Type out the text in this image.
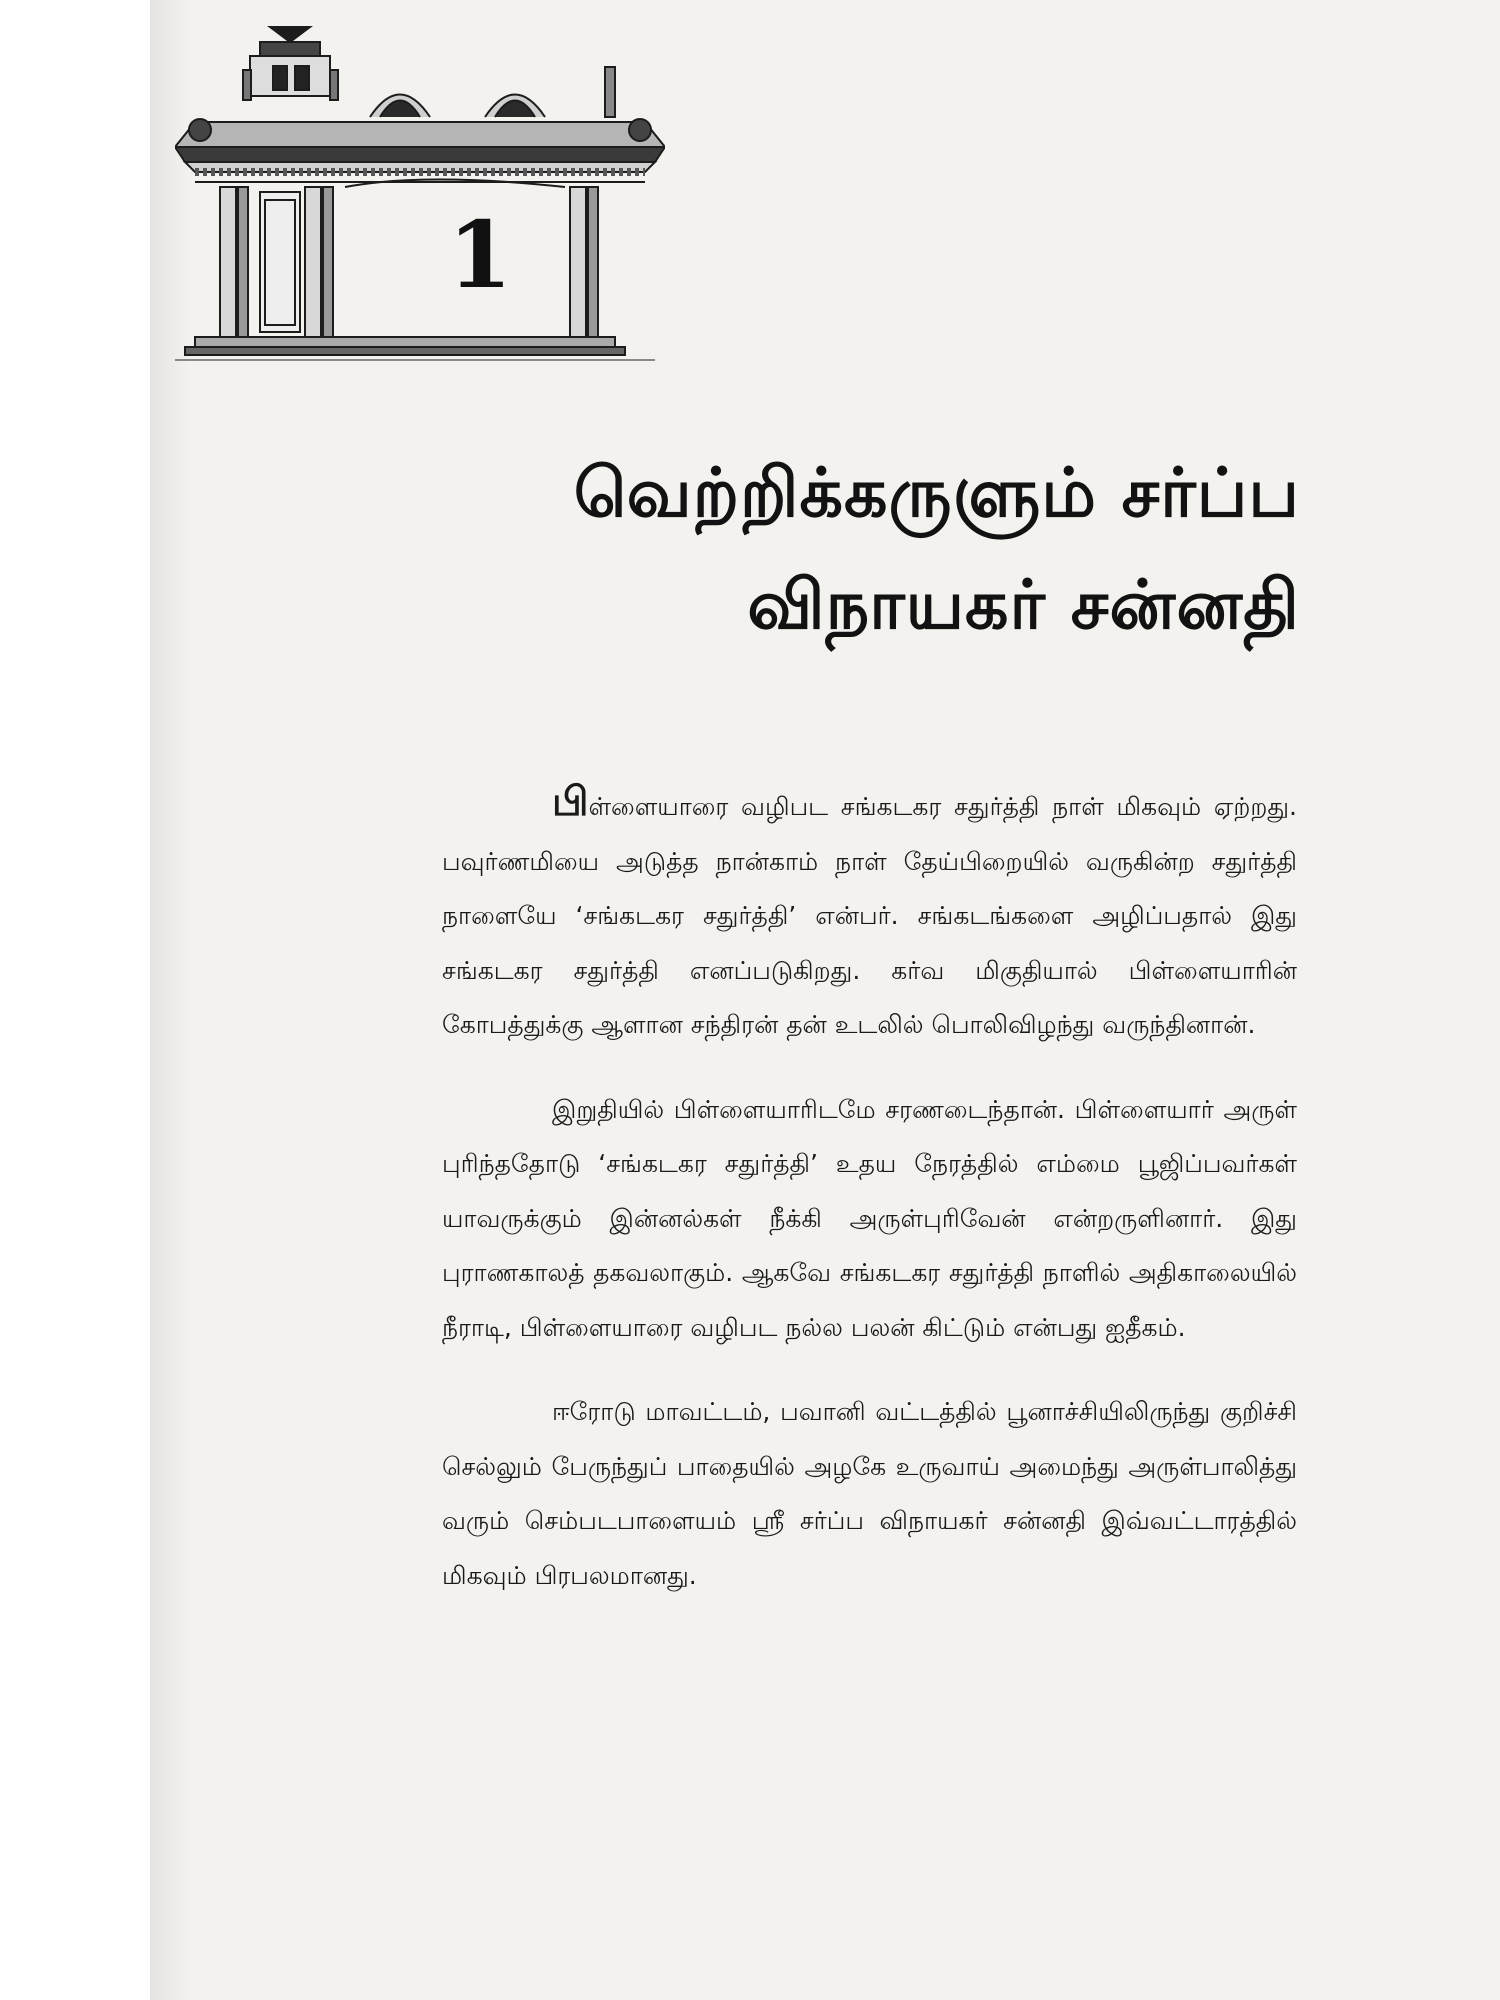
1
வெற்றிக்கருளும் சர்ப்ப
விநாயகர் சன்னதி

பிள்ளையாரை வழிபட சங்கடகர சதுர்த்தி நாள் மிகவும் ஏற்றது. பவுர்ணமியை அடுத்த நான்காம் நாள் தேய்பிறையில் வருகின்ற சதுர்த்தி நாளையே ‘சங்கடகர சதுர்த்தி’ என்பர். சங்கடங்களை அழிப்பதால் இது சங்கடகர சதுர்த்தி எனப்படுகிறது. கர்வ மிகுதியால் பிள்ளையாரின் கோபத்துக்கு ஆளான சந்திரன் தன் உடலில் பொலிவிழந்து வருந்தினான்.

இறுதியில் பிள்ளையாரிடமே சரணடைந்தான். பிள்ளையார் அருள் புரிந்ததோடு ‘சங்கடகர சதுர்த்தி’ உதய நேரத்தில் எம்மை பூஜிப்பவர்கள் யாவருக்கும் இன்னல்கள் நீக்கி அருள்புரிவேன் என்றருளினார். இது புராணகாலத் தகவலாகும். ஆகவே சங்கடகர சதுர்த்தி நாளில் அதிகாலையில் நீராடி, பிள்ளையாரை வழிபட நல்ல பலன் கிட்டும் என்பது ஐதீகம்.

ஈரோடு மாவட்டம், பவானி வட்டத்தில் பூனாச்சியிலிருந்து குறிச்சி செல்லும் பேருந்துப் பாதையில் அழகே உருவாய் அமைந்து அருள்பாலித்து வரும் செம்படபாளையம் ஸ்ரீ சர்ப்ப விநாயகர் சன்னதி இவ்வட்டாரத்தில் மிகவும் பிரபலமானது.
